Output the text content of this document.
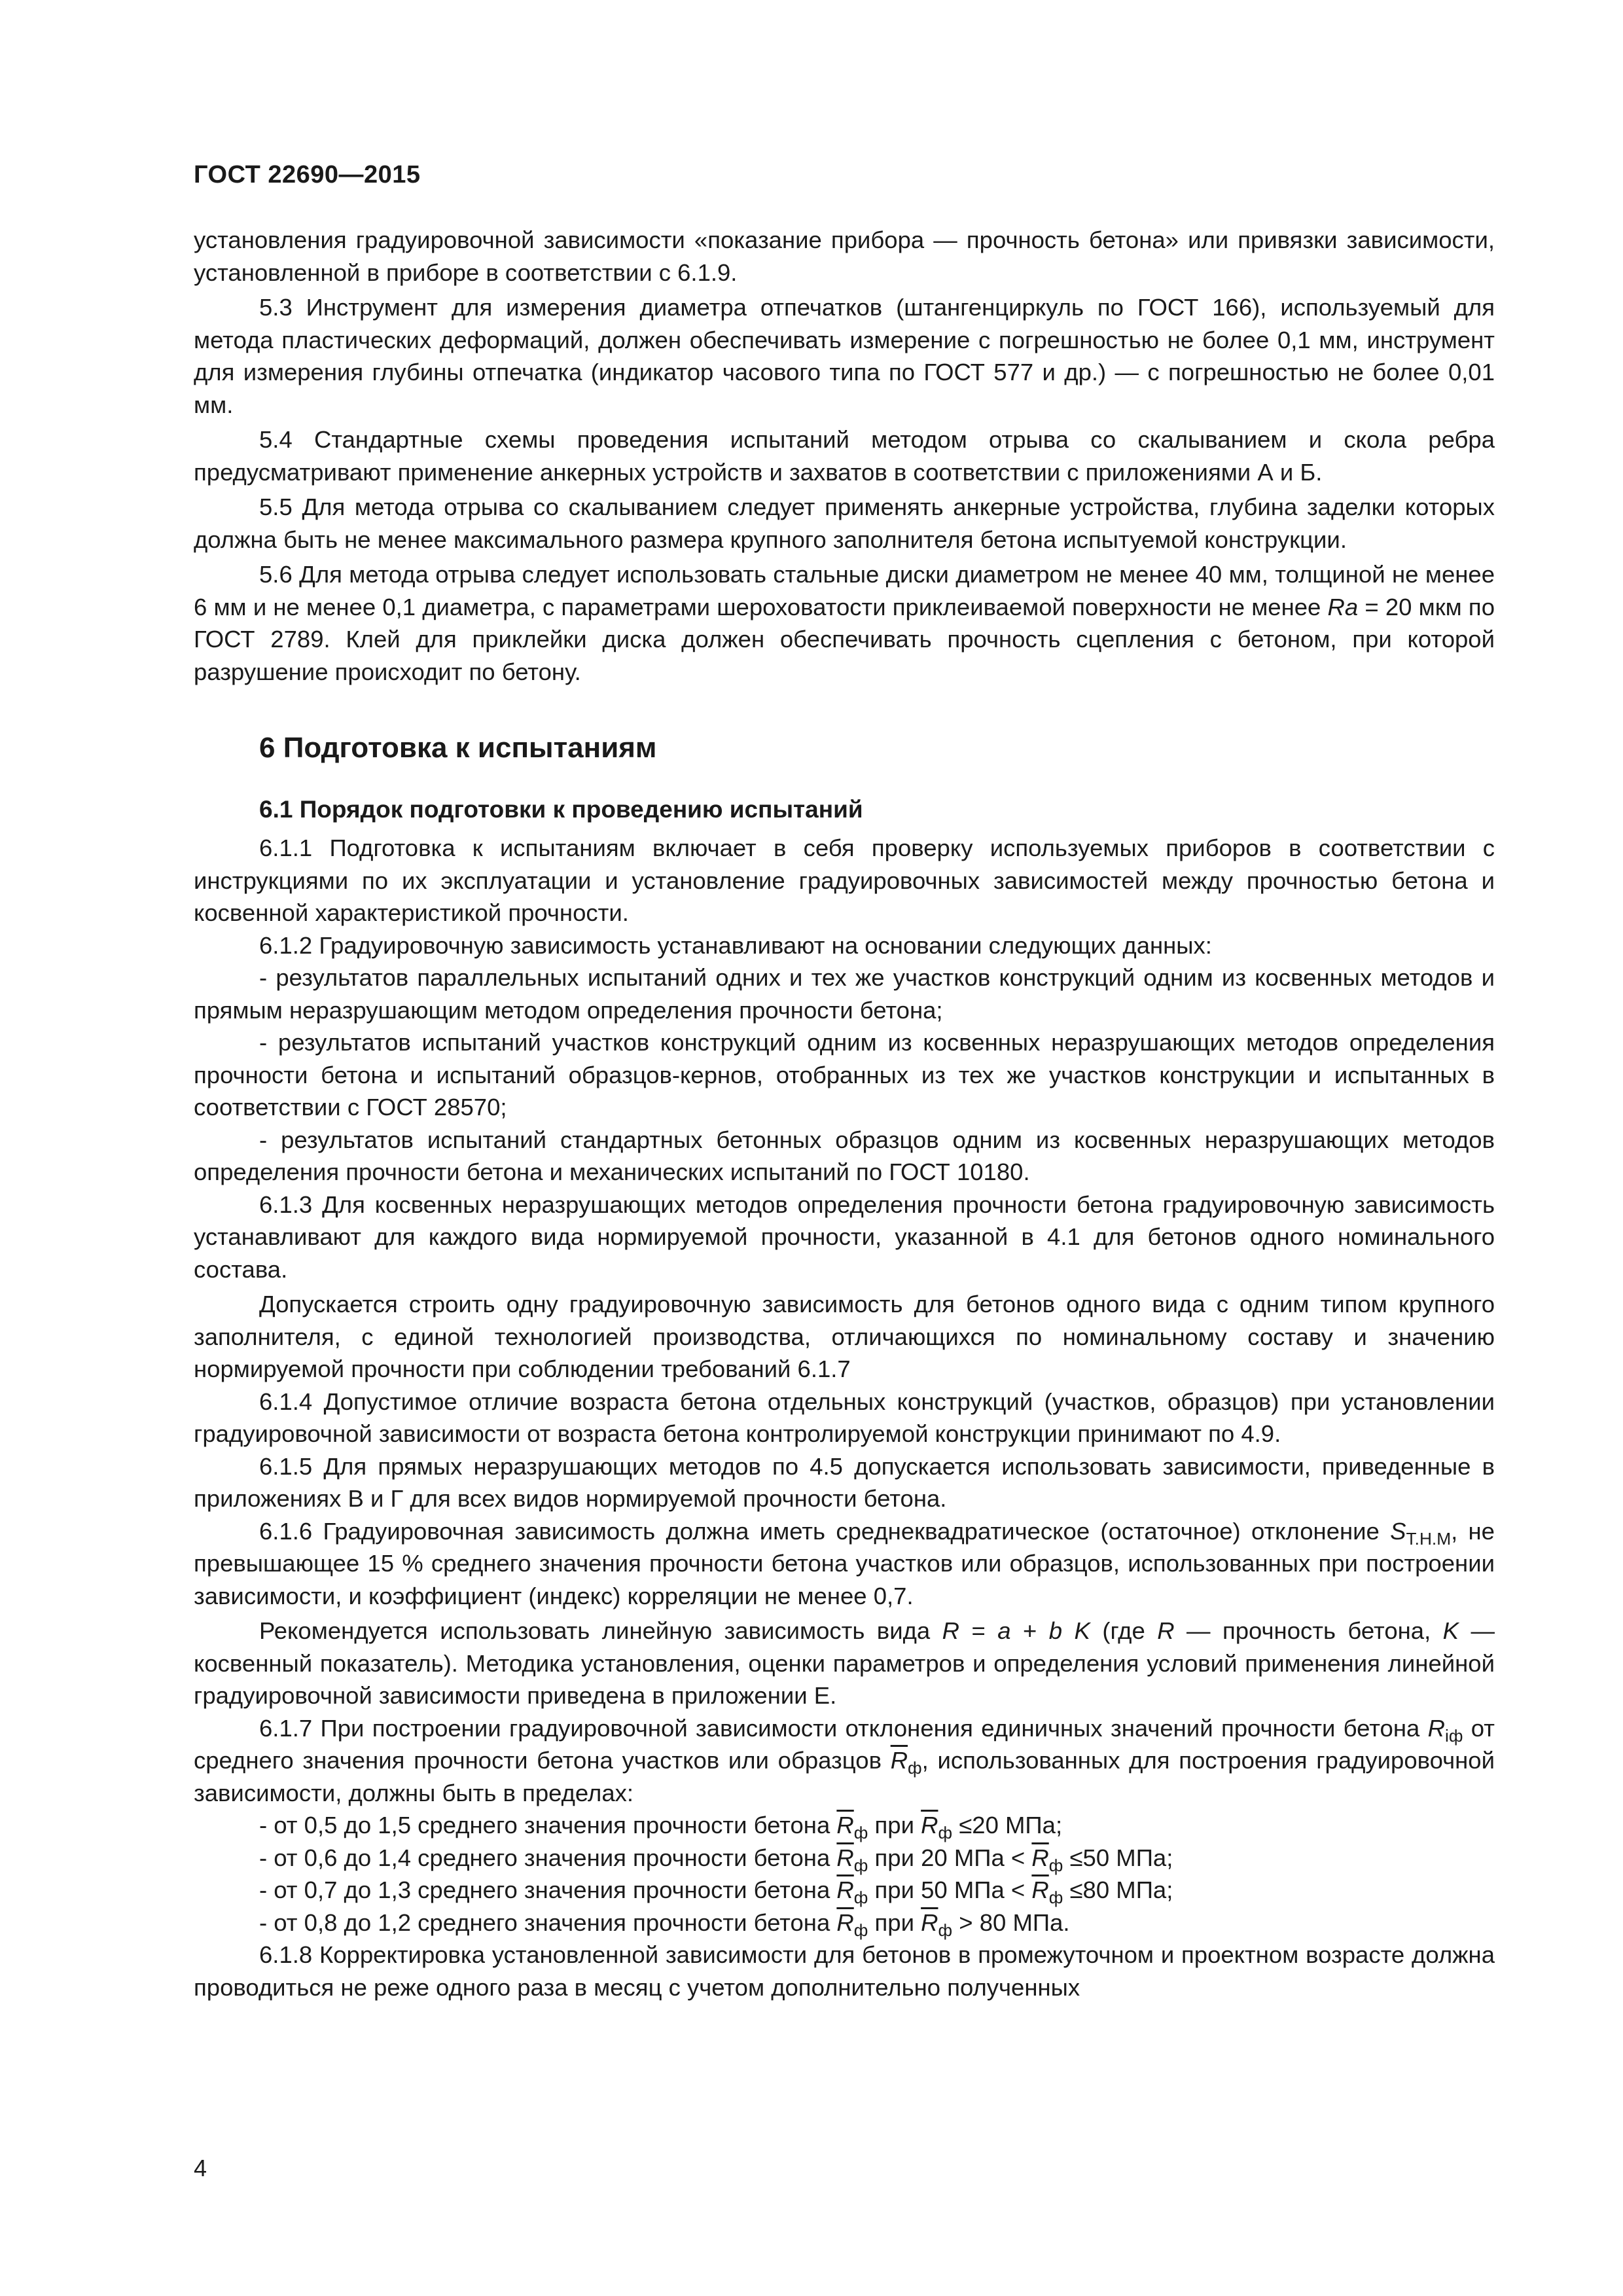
ГОСТ 22690—2015

установления градуировочной зависимости «показание прибора — прочность бетона» или привязки зависимости, установленной в приборе в соответствии с 6.1.9.

5.3 Инструмент для измерения диаметра отпечатков (штангенциркуль по ГОСТ 166), используемый для метода пластических деформаций, должен обеспечивать измерение с погрешностью не более 0,1 мм, инструмент для измерения глубины отпечатка (индикатор часового типа по ГОСТ 577 и др.) — с погрешностью не более 0,01 мм.

5.4 Стандартные схемы проведения испытаний методом отрыва со скалыванием и скола ребра предусматривают применение анкерных устройств и захватов в соответствии с приложениями А и Б.

5.5 Для метода отрыва со скалыванием следует применять анкерные устройства, глубина заделки которых должна быть не менее максимального размера крупного заполнителя бетона испытуемой конструкции.

5.6 Для метода отрыва следует использовать стальные диски диаметром не менее 40 мм, толщиной не менее 6 мм и не менее 0,1 диаметра, с параметрами шероховатости приклеиваемой поверхности не менее Ra = 20 мкм по ГОСТ 2789. Клей для приклейки диска должен обеспечивать прочность сцепления с бетоном, при которой разрушение происходит по бетону.

6 Подготовка к испытаниям
6.1 Порядок подготовки к проведению испытаний

6.1.1 Подготовка к испытаниям включает в себя проверку используемых приборов в соответствии с инструкциями по их эксплуатации и установление градуировочных зависимостей между прочностью бетона и косвенной характеристикой прочности.

6.1.2 Градуировочную зависимость устанавливают на основании следующих данных:

- результатов параллельных испытаний одних и тех же участков конструкций одним из косвенных методов и прямым неразрушающим методом определения прочности бетона;

- результатов испытаний участков конструкций одним из косвенных неразрушающих методов определения прочности бетона и испытаний образцов-кернов, отобранных из тех же участков конструкции и испытанных в соответствии с ГОСТ 28570;

- результатов испытаний стандартных бетонных образцов одним из косвенных неразрушающих методов определения прочности бетона и механических испытаний по ГОСТ 10180.

6.1.3 Для косвенных неразрушающих методов определения прочности бетона градуировочную зависимость устанавливают для каждого вида нормируемой прочности, указанной в 4.1 для бетонов одного номинального состава.

Допускается строить одну градуировочную зависимость для бетонов одного вида с одним типом крупного заполнителя, с единой технологией производства, отличающихся по номинальному составу и значению нормируемой прочности при соблюдении требований 6.1.7

6.1.4 Допустимое отличие возраста бетона отдельных конструкций (участков, образцов) при установлении градуировочной зависимости от возраста бетона контролируемой конструкции принимают по 4.9.

6.1.5 Для прямых неразрушающих методов по 4.5 допускается использовать зависимости, приведенные в приложениях В и Г для всех видов нормируемой прочности бетона.

6.1.6 Градуировочная зависимость должна иметь среднеквадратическое (остаточное) отклонение $S_{Т.Н.М}$, не превышающее 15 % среднего значения прочности бетона участков или образцов, использованных при построении зависимости, и коэффициент (индекс) корреляции не менее 0,7.

Рекомендуется использовать линейную зависимость вида R = a + b K (где R — прочность бетона, K — косвенный показатель). Методика установления, оценки параметров и определения условий применения линейной градуировочной зависимости приведена в приложении Е.

6.1.7 При построении градуировочной зависимости отклонения единичных значений прочности бетона $R_{iф}$ от среднего значения прочности бетона участков или образцов $\overline{R}_ф$, использованных для построения градуировочной зависимости, должны быть в пределах:

- от 0,5 до 1,5 среднего значения прочности бетона $\overline{R}_ф$ при $\overline{R}_ф \le 20$ МПа;

- от 0,6 до 1,4 среднего значения прочности бетона $\overline{R}_ф$ при 20 МПа < $\overline{R}_ф \le 50$ МПа;

- от 0,7 до 1,3 среднего значения прочности бетона $\overline{R}_ф$ при 50 МПа < $\overline{R}_ф \le 80$ МПа;

- от 0,8 до 1,2 среднего значения прочности бетона $\overline{R}_ф$ при $\overline{R}_ф > 80$ МПа.

6.1.8 Корректировка установленной зависимости для бетонов в промежуточном и проектном возрасте должна проводиться не реже одного раза в месяц с учетом дополнительно полученных

4
